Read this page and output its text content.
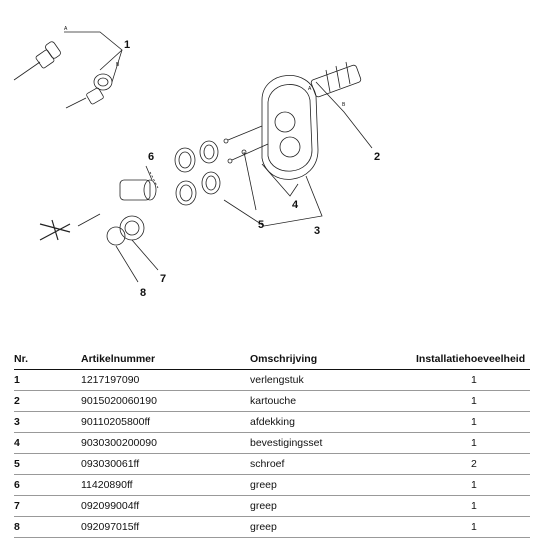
A
B
A
B
1
2
3
4
5
6
7
8
Nr.	Artikelnummer	Omschrijving	Installatiehoeveelheid
1	1217197090	verlengstuk	1
2	9015020060190	kartouche	1
3	90110205800ff	afdekking	1
4	9030300200090	bevestigingsset	1
5	093030061ff	schroef	2
6	11420890ff	greep	1
7	092099004ff	greep	1
8	092097015ff	greep	1
